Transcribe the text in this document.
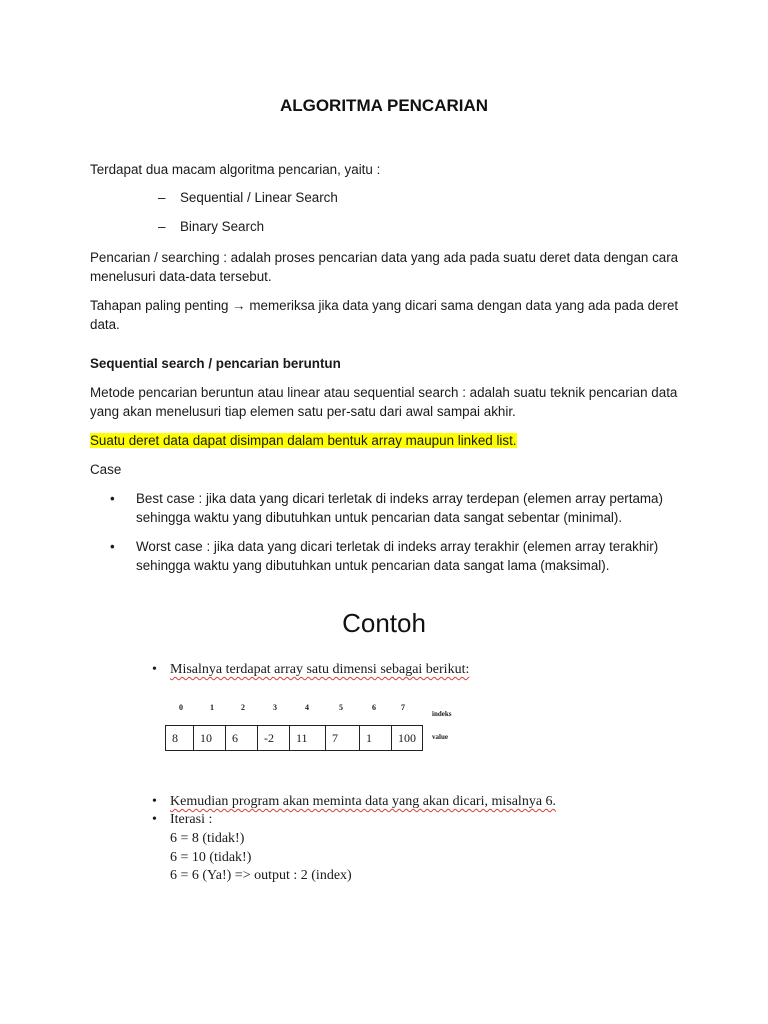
ALGORITMA PENCARIAN
Terdapat dua macam algoritma pencarian, yaitu :
– Sequential / Linear Search
– Binary Search
Pencarian / searching : adalah proses pencarian data yang ada pada suatu deret data dengan cara
menelusuri data-data tersebut.
Tahapan paling penting → memeriksa jika data yang dicari sama dengan data yang ada pada deret data.
Sequential search / pencarian beruntun
Metode pencarian beruntun atau linear atau sequential search : adalah suatu teknik pencarian data
yang akan menelusuri tiap elemen satu per-satu dari awal sampai akhir.
Suatu deret data dapat disimpan dalam bentuk array maupun linked list.
Case
• Best case : jika data yang dicari terletak di indeks array terdepan (elemen array pertama)
sehingga waktu yang dibutuhkan untuk pencarian data sangat sebentar (minimal).
• Worst case : jika data yang dicari terletak di indeks array terakhir (elemen array terakhir)
sehingga waktu yang dibutuhkan untuk pencarian data sangat lama (maksimal).
Contoh
• Misalnya terdapat array satu dimensi sebagai berikut:
0	1	2	3	4	5	6	7
indeks
8	10	6	-2	11	7	1	100 value
• Kemudian program akan meminta data yang akan dicari, misalnya 6.
• Iterasi :
6 = 8 (tidak!)
6 = 10 (tidak!)
6 = 6 (Ya!) => output : 2 (index)
